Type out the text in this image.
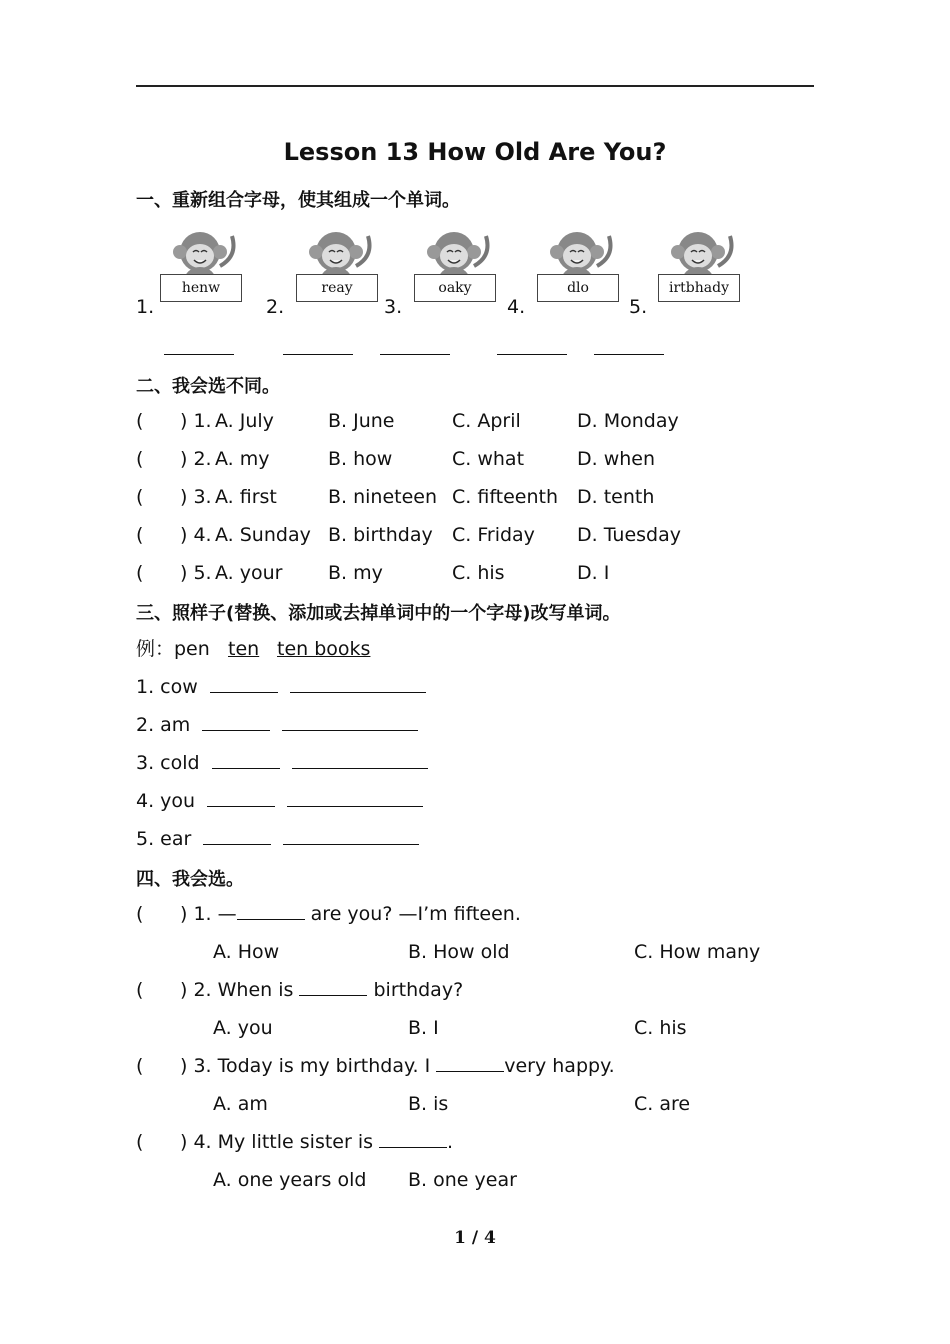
Lesson 13 How Old Are You?
一、重新组合字母，使其组成一个单词。
1.
henw
2.
reay
3.
oaky
4.
dlo
5.
irtbhady
二、我会选不同。
( ) 1. A. July	B. June	C. April	D. Monday
( ) 2. A. my	B. how	C. what	D. when
( ) 3. A. first	B. nineteen C. fifteenth D. tenth
( ) 4. A. Sunday B. birthday C. Friday D. Tuesday
( ) 5. A. your B. my	C. his	D. I
三、照样子(替换、添加或去掉单词中的一个字母)改写单词。
例：pen ten ten books
1. cow
2. am
3. cold
4. you
5. ear
四、我会选。
( ) 1. —	are you? —I’m fifteen.
A. How	B. How old	C. How many
( ) 2. When is	birthday?
A. you	B. I	C. his
( ) 3. Today is my birthday. I	very happy.
A. am	B. is	C. are
( ) 4. My little sister is	.
A. one years old B. one year
1 / 4
